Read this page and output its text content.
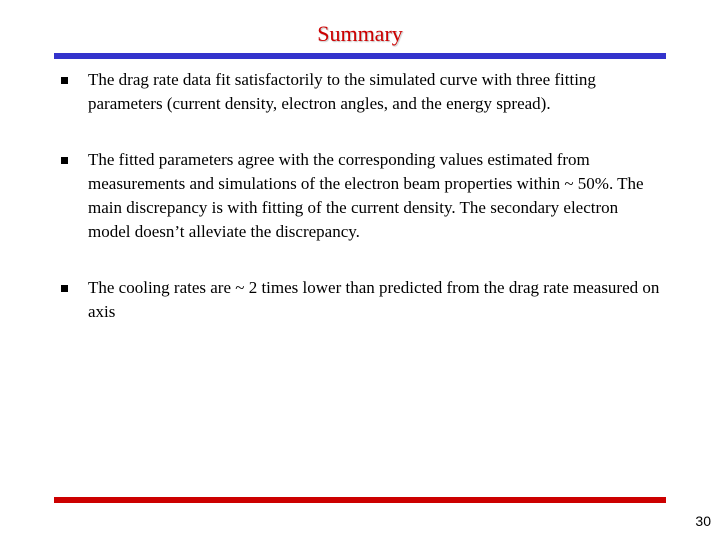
Summary
The drag rate data fit satisfactorily to the simulated curve with three fitting parameters (current density, electron angles, and the energy spread).
The fitted parameters agree with the corresponding values estimated from measurements and simulations of the electron beam properties within ~ 50%. The main discrepancy is with fitting of the current density. The secondary electron model doesn’t alleviate the discrepancy.
The cooling rates are ~ 2 times lower than predicted from the drag rate measured on axis
30
